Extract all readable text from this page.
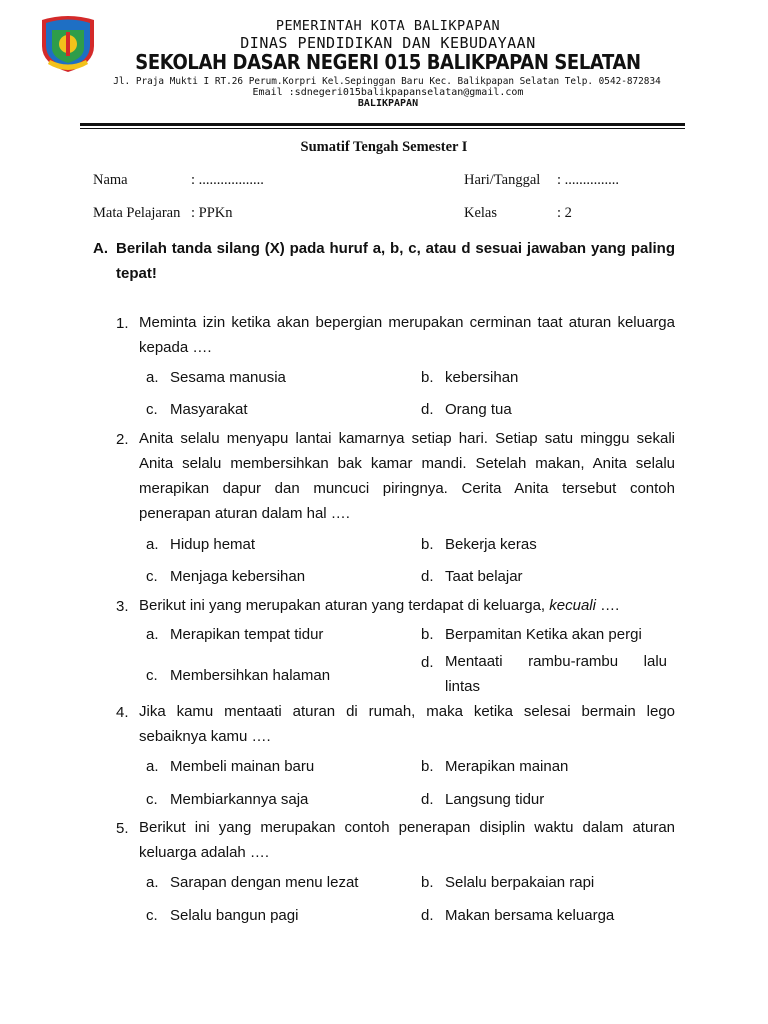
PEMERINTAH KOTA BALIKPAPAN
DINAS PENDIDIKAN DAN KEBUDAYAAN
SEKOLAH DASAR NEGERI 015 BALIKPAPAN SELATAN
Jl. Praja Mukti I RT.26 Perum.Korpri Kel.Sepinggan Baru Kec. Balikpapan Selatan Telp. 0542-872834
Email :sdnegeri015balikpapanselatan@gmail.com
BALIKPAPAN
Sumatif Tengah Semester I
Nama	: ..................	Hari/Tanggal : ...............
Mata Pelajaran : PPKn	Kelas	: 2
A. Berilah tanda silang (X) pada huruf a, b, c, atau d sesuai jawaban yang paling tepat!
1. Meminta izin ketika akan bepergian merupakan cerminan taat aturan keluarga kepada ….
a. Sesama manusia	b. kebersihan
c. Masyarakat	d. Orang tua
2. Anita selalu menyapu lantai kamarnya setiap hari. Setiap satu minggu sekali Anita selalu membersihkan bak kamar mandi. Setelah makan, Anita selalu merapikan dapur dan muncuci piringnya. Cerita Anita tersebut contoh penerapan aturan dalam hal ….
a. Hidup hemat	b. Bekerja keras
c. Menjaga kebersihan	d. Taat belajar
3. Berikut ini yang merupakan aturan yang terdapat di keluarga, kecuali ….
a. Merapikan tempat tidur	b. Berpamitan Ketika akan pergi
c. Membersihkan halaman
d. Mentaati rambu-rambu lalu
lintas
4. Jika kamu mentaati aturan di rumah, maka ketika selesai bermain lego sebaiknya kamu ….
a. Membeli mainan baru	b. Merapikan mainan
c. Membiarkannya saja	d. Langsung tidur
5. Berikut ini yang merupakan contoh penerapan disiplin waktu dalam aturan keluarga adalah ….
a. Sarapan dengan menu lezat	b. Selalu berpakaian rapi
c. Selalu bangun pagi	d. Makan bersama keluarga
